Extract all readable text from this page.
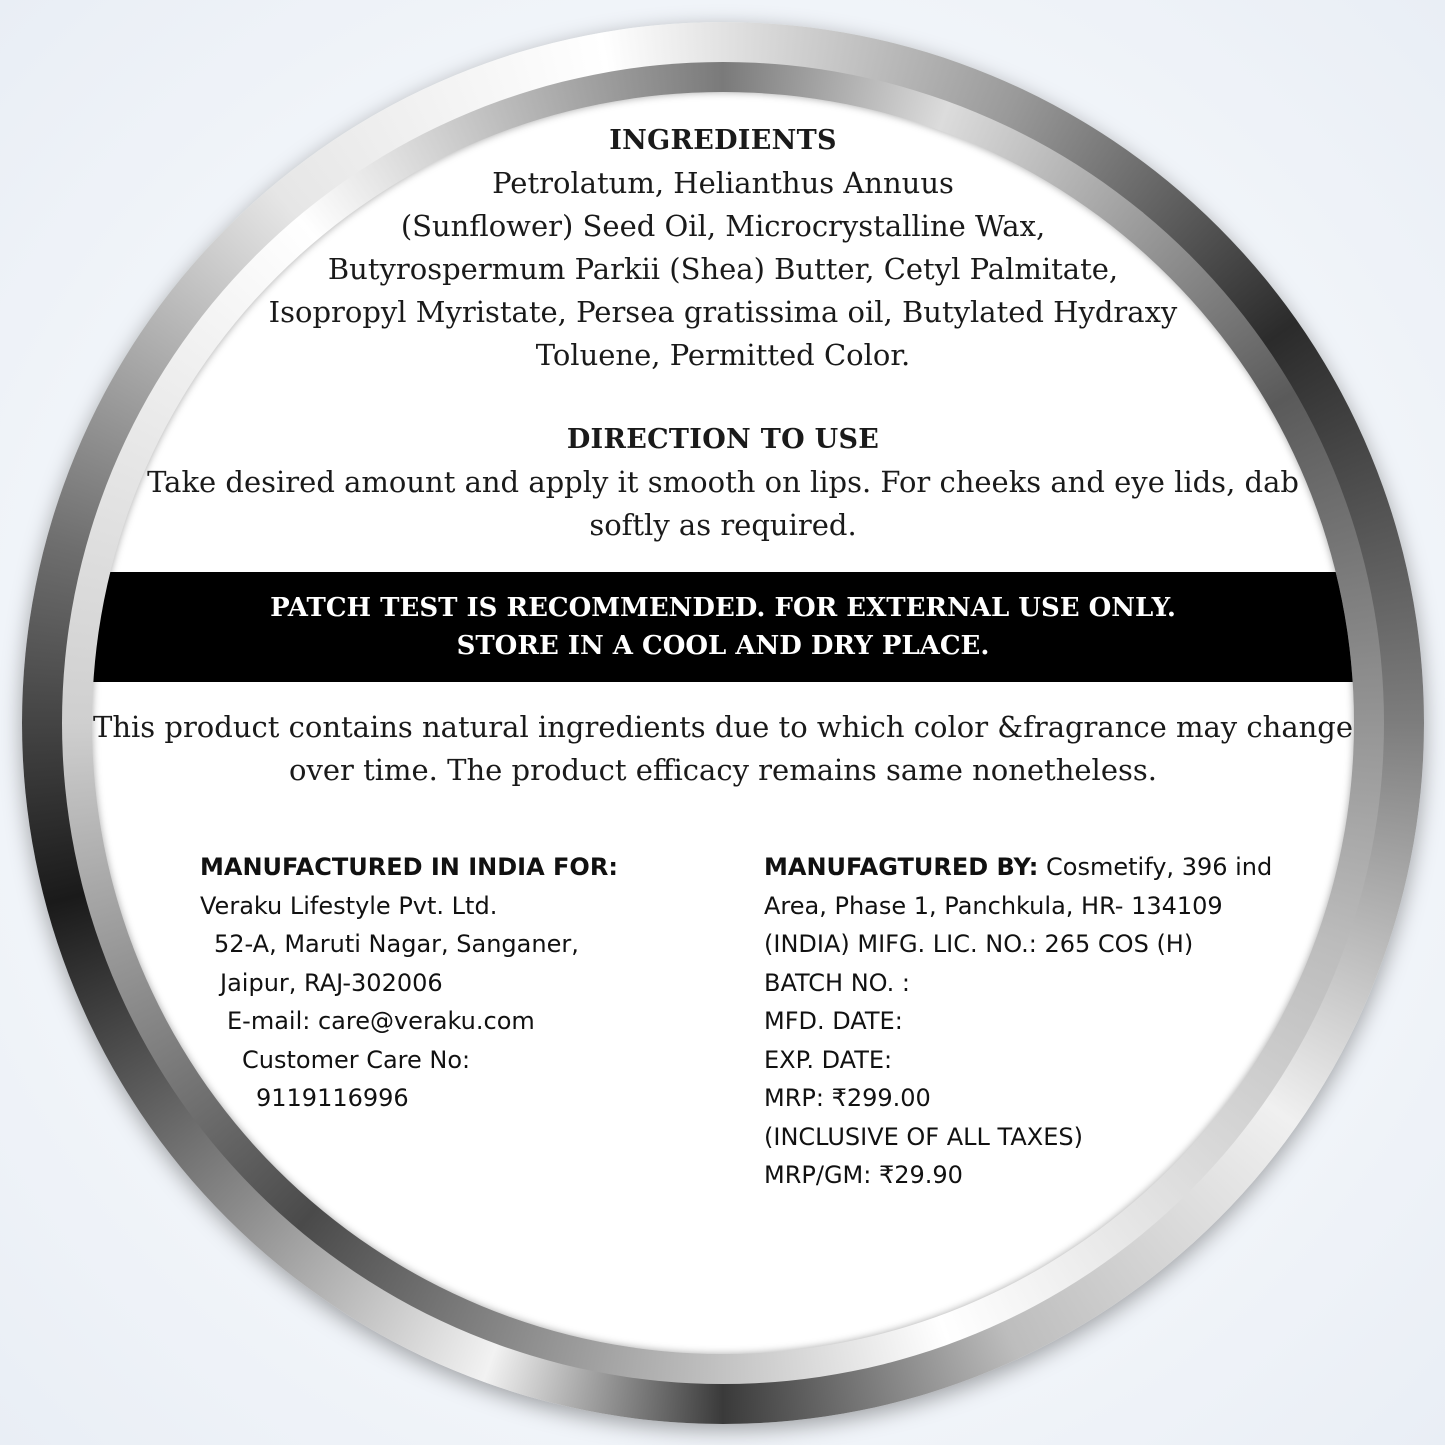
INGREDIENTS
Petrolatum, Helianthus Annuus
(Sunflower) Seed Oil, Microcrystalline Wax,
Butyrospermum Parkii (Shea) Butter, Cetyl Palmitate,
Isopropyl Myristate, Persea gratissima oil, Butylated Hydraxy
Toluene, Permitted Color.
DIRECTION TO USE
Take desired amount and apply it smooth on lips. For cheeks and eye lids, dab
softly as required.
PATCH TEST IS RECOMMENDED. FOR EXTERNAL USE ONLY.
STORE IN A COOL AND DRY PLACE.
This product contains natural ingredients due to which color &fragrance may change
over time. The product efficacy remains same nonetheless.
MANUFACTURED IN INDIA FOR:
Veraku Lifestyle Pvt. Ltd.
52-A, Maruti Nagar, Sanganer,
Jaipur, RAJ-302006
E-mail: care@veraku.com
Customer Care No:
9119116996
MANUFAGTURED BY: Cosmetify, 396 ind
Area, Phase 1, Panchkula, HR- 134109
(INDIA) MIFG. LIC. NO.: 265 COS (H)
BATCH NO. :
MFD. DATE:
EXP. DATE:
MRP: ₹299.00
(INCLUSIVE OF ALL TAXES)
MRP/GM: ₹29.90
